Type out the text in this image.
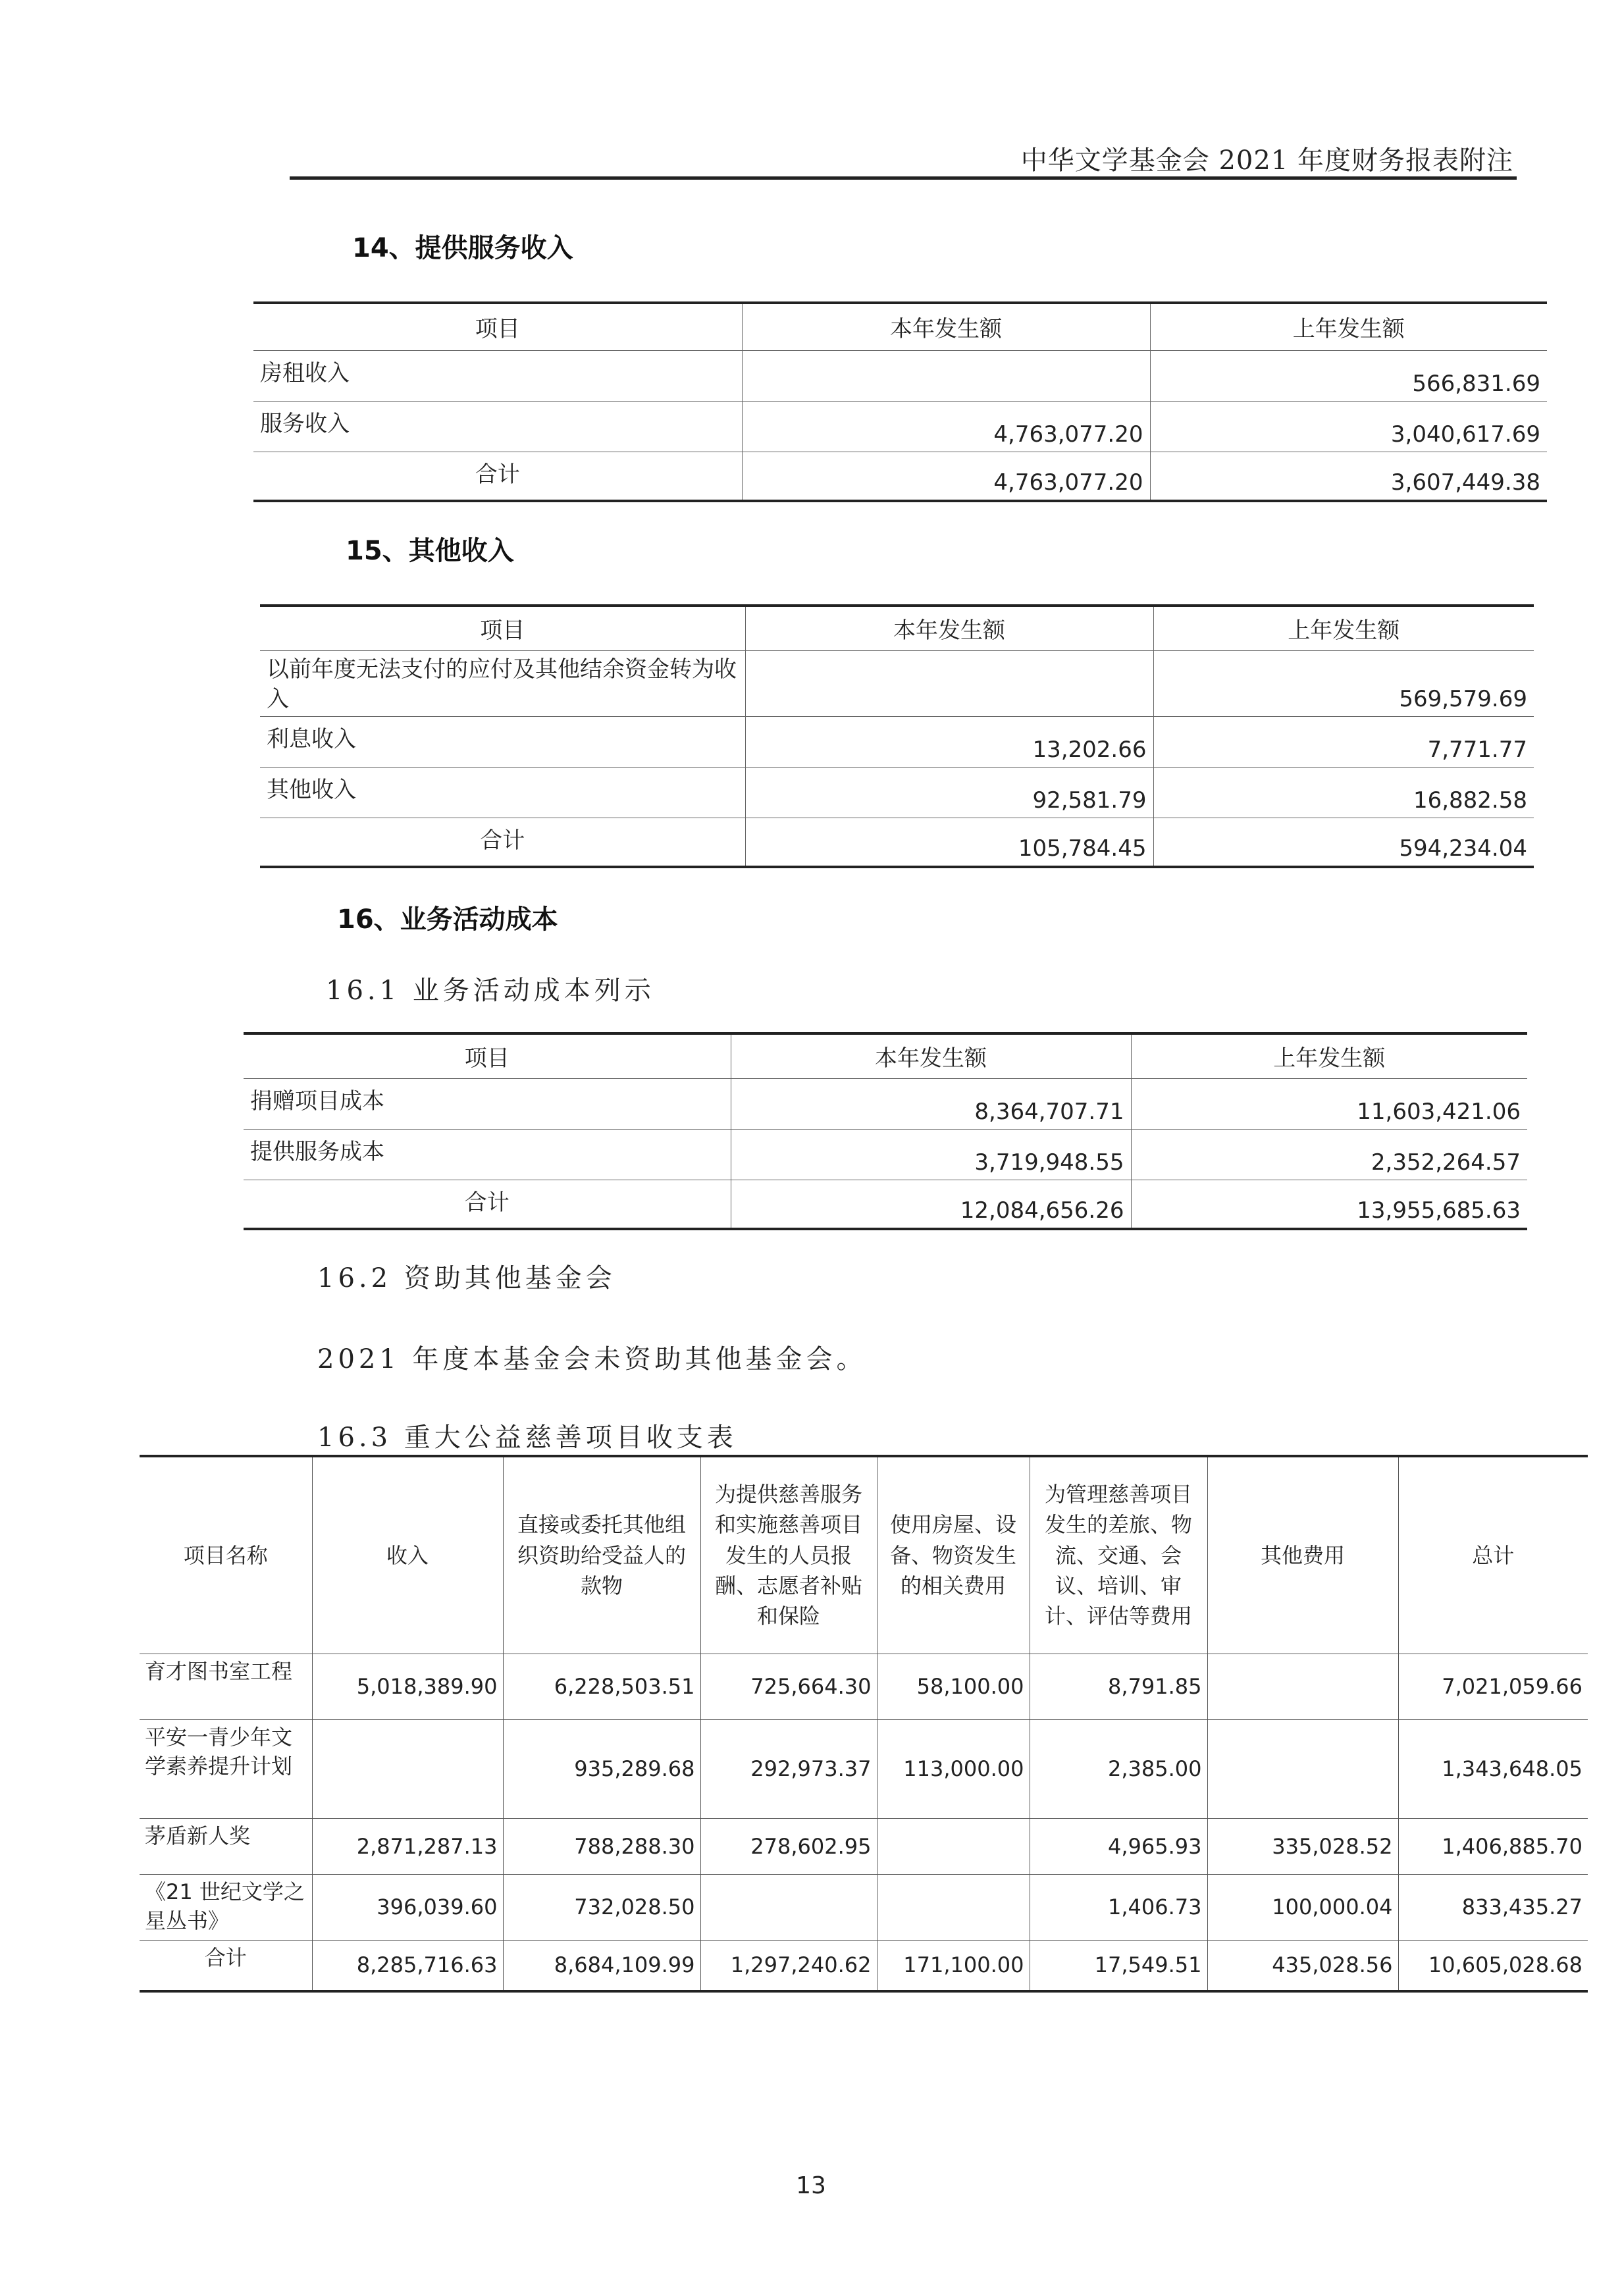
中华文学基金会 2021 年度财务报表附注
14、提供服务收入
项目	本年发生额	上年发生额
房租收入		566,831.69
服务收入	4,763,077.20	3,040,617.69
合计	4,763,077.20	3,607,449.38
15、其他收入
项目	本年发生额	上年发生额
以前年度无法支付的应付及其他结余资金转为收入		569,579.69
利息收入	13,202.66	7,771.77
其他收入	92,581.79	16,882.58
合计	105,784.45	594,234.04
16、业务活动成本
16.1 业务活动成本列示
项目	本年发生额	上年发生额
捐赠项目成本	8,364,707.71	11,603,421.06
提供服务成本	3,719,948.55	2,352,264.57
合计	12,084,656.26	13,955,685.63
16.2 资助其他基金会
2021 年度本基金会未资助其他基金会。
16.3 重大公益慈善项目收支表
项目名称	收入	直接或委托其他组织资助给受益人的款物	为提供慈善服务和实施慈善项目发生的人员报酬、志愿者补贴和保险	使用房屋、设备、物资发生的相关费用	为管理慈善项目发生的差旅、物流、交通、会议、培训、审计、评估等费用	其他费用	总计
育才图书室工程	5,018,389.90	6,228,503.51	725,664.30	58,100.00	8,791.85		7,021,059.66
平安一青少年文学素养提升计划		935,289.68	292,973.37	113,000.00	2,385.00		1,343,648.05
茅盾新人奖	2,871,287.13	788,288.30	278,602.95		4,965.93	335,028.52	1,406,885.70
《21 世纪文学之星丛书》	396,039.60	732,028.50			1,406.73	100,000.04	833,435.27
合计	8,285,716.63	8,684,109.99	1,297,240.62	171,100.00	17,549.51	435,028.56	10,605,028.68
13
